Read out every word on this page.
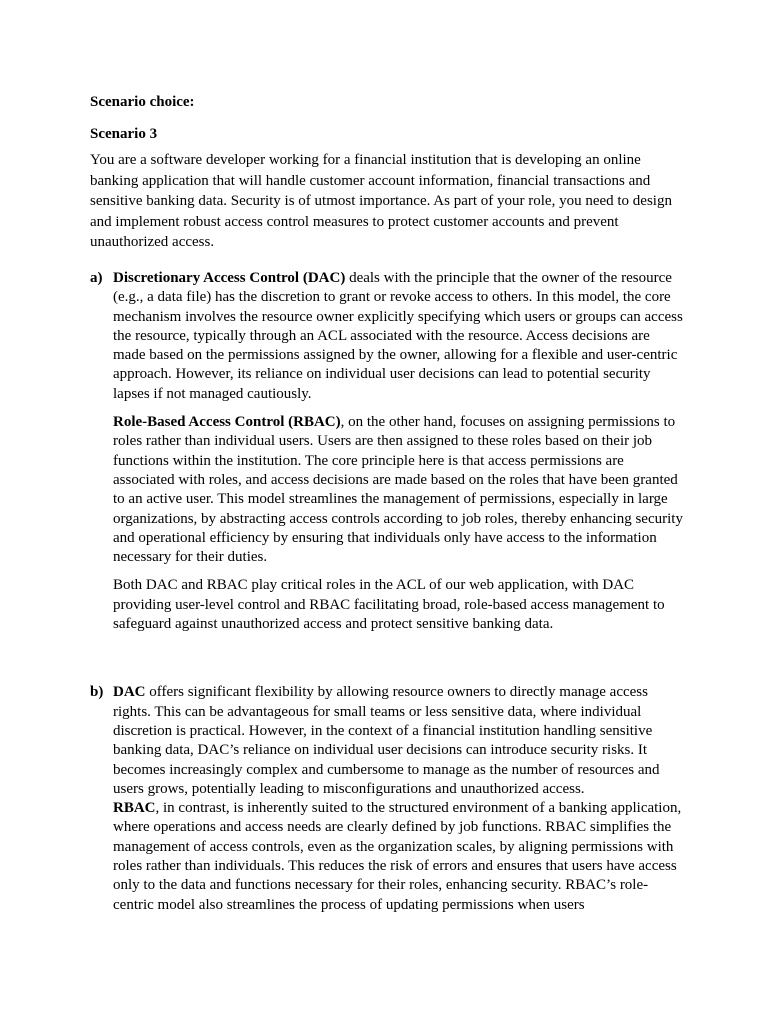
Scenario choice:

Scenario 3

You are a software developer working for a financial institution that is developing an online banking application that will handle customer account information, financial transactions and sensitive banking data. Security is of utmost importance. As part of your role, you need to design and implement robust access control measures to protect customer accounts and prevent unauthorized access.

a) Discretionary Access Control (DAC) deals with the principle that the owner of the resource (e.g., a data file) has the discretion to grant or revoke access to others. In this model, the core mechanism involves the resource owner explicitly specifying which users or groups can access the resource, typically through an ACL associated with the resource. Access decisions are made based on the permissions assigned by the owner, allowing for a flexible and user-centric approach. However, its reliance on individual user decisions can lead to potential security lapses if not managed cautiously.

Role-Based Access Control (RBAC), on the other hand, focuses on assigning permissions to roles rather than individual users. Users are then assigned to these roles based on their job functions within the institution. The core principle here is that access permissions are associated with roles, and access decisions are made based on the roles that have been granted to an active user. This model streamlines the management of permissions, especially in large organizations, by abstracting access controls according to job roles, thereby enhancing security and operational efficiency by ensuring that individuals only have access to the information necessary for their duties.

Both DAC and RBAC play critical roles in the ACL of our web application, with DAC providing user-level control and RBAC facilitating broad, role-based access management to safeguard against unauthorized access and protect sensitive banking data.

b) DAC offers significant flexibility by allowing resource owners to directly manage access rights. This can be advantageous for small teams or less sensitive data, where individual discretion is practical. However, in the context of a financial institution handling sensitive banking data, DAC’s reliance on individual user decisions can introduce security risks. It becomes increasingly complex and cumbersome to manage as the number of resources and users grows, potentially leading to misconfigurations and unauthorized access.

RBAC, in contrast, is inherently suited to the structured environment of a banking application, where operations and access needs are clearly defined by job functions. RBAC simplifies the management of access controls, even as the organization scales, by aligning permissions with roles rather than individuals. This reduces the risk of errors and ensures that users have access only to the data and functions necessary for their roles, enhancing security. RBAC’s role-centric model also streamlines the process of updating permissions when users
